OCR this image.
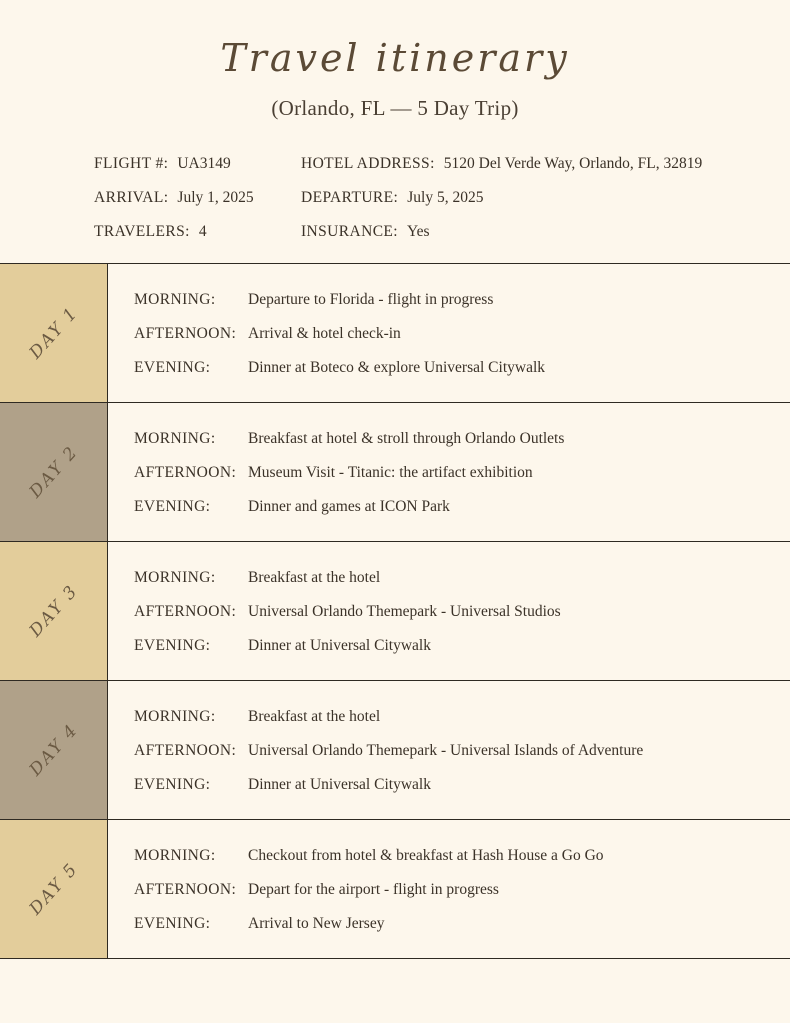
Travel itinerary
(Orlando, FL — 5 Day Trip)
FLIGHT #: UA3149	HOTEL ADDRESS: 5120 Del Verde Way, Orlando, FL, 32819
ARRIVAL: July 1, 2025	DEPARTURE: July 5, 2025
TRAVELERS: 4	INSURANCE: Yes
DAY 1
MORNING:	Departure to Florida - flight in progress
AFTERNOON: Arrival & hotel check-in
EVENING:	Dinner at Boteco & explore Universal Citywalk
DAY 2
MORNING:	Breakfast at hotel & stroll through Orlando Outlets
AFTERNOON: Museum Visit - Titanic: the artifact exhibition
EVENING:	Dinner and games at ICON Park
DAY 3
MORNING:	Breakfast at the hotel
AFTERNOON: Universal Orlando Themepark - Universal Studios
EVENING:	Dinner at Universal Citywalk
DAY 4
MORNING:	Breakfast at the hotel
AFTERNOON: Universal Orlando Themepark - Universal Islands of Adventure
EVENING:	Dinner at Universal Citywalk
DAY 5
MORNING:	Checkout from hotel & breakfast at Hash House a Go Go
AFTERNOON: Depart for the airport - flight in progress
EVENING:	Arrival to New Jersey
